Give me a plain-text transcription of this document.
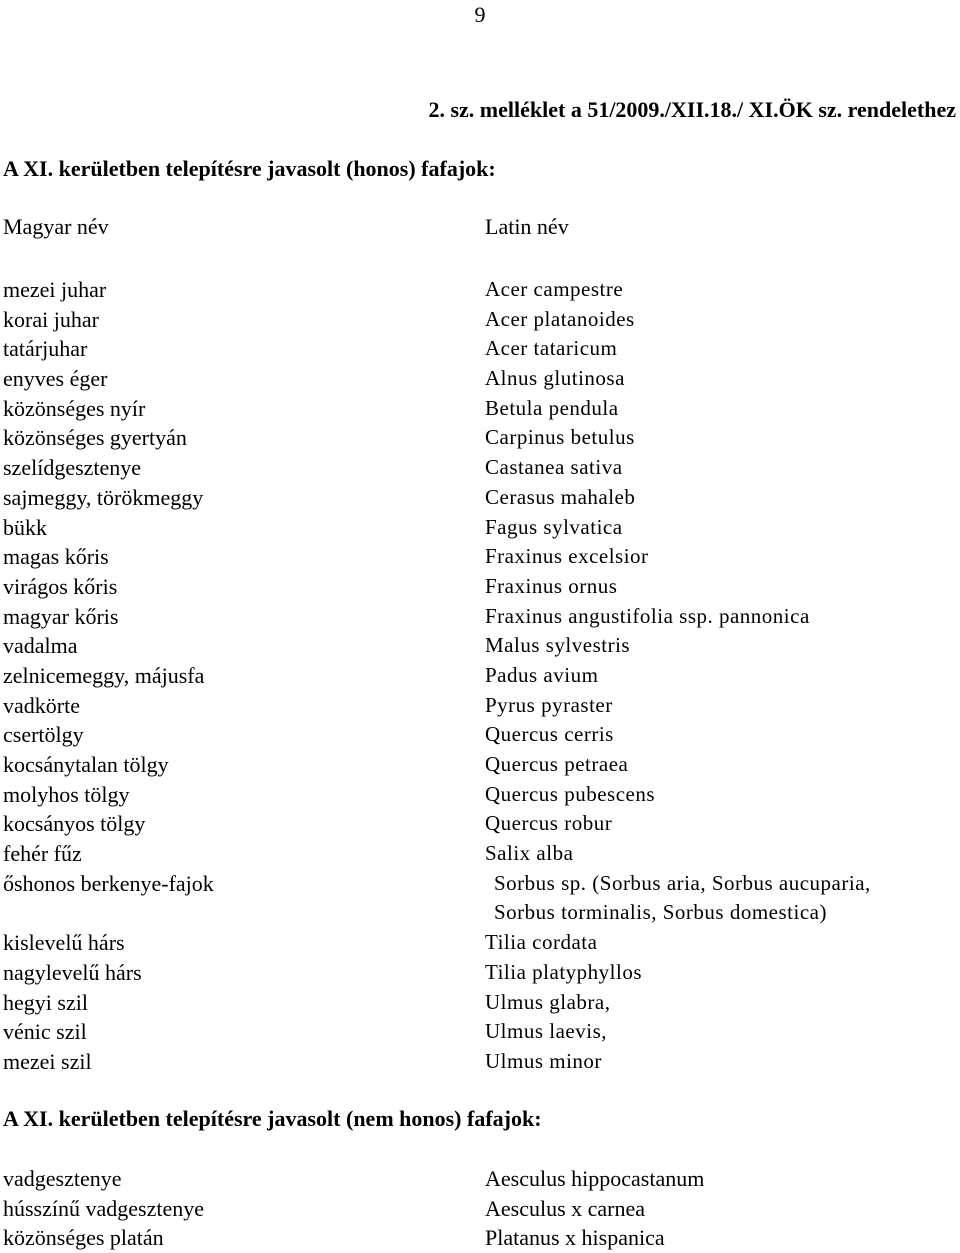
9
2. sz. melléklet a 51/2009./XII.18./ XI.ÖK sz. rendelethez
A XI. kerületben telepítésre javasolt (honos) fafajok:
Magyar név	Latin név
mezei juhar	Acer campestre
korai juhar	Acer platanoides
tatárjuhar	Acer tataricum
enyves éger	Alnus glutinosa
közönséges nyír	Betula pendula
közönséges gyertyán	Carpinus betulus
szelídgesztenye	Castanea sativa
sajmeggy, törökmeggy	Cerasus mahaleb
bükk	Fagus sylvatica
magas kőris	Fraxinus excelsior
virágos kőris	Fraxinus ornus
magyar kőris	Fraxinus angustifolia ssp. pannonica
vadalma	Malus sylvestris
zelnicemeggy, májusfa	Padus avium
vadkörte	Pyrus pyraster
csertölgy	Quercus cerris
kocsánytalan tölgy	Quercus petraea
molyhos tölgy	Quercus pubescens
kocsányos tölgy	Quercus robur
fehér fűz	Salix alba
őshonos berkenye-fajok	Sorbus sp. (Sorbus aria, Sorbus aucuparia,
Sorbus torminalis, Sorbus domestica)
kislevelű hárs	Tilia cordata
nagylevelű hárs	Tilia platyphyllos
hegyi szil	Ulmus glabra,
vénic szil	Ulmus laevis,
mezei szil	Ulmus minor
A XI. kerületben telepítésre javasolt (nem honos) fafajok:
vadgesztenye	Aesculus hippocastanum
hússzínű vadgesztenye	Aesculus x carnea
közönséges platán	Platanus x hispanica
